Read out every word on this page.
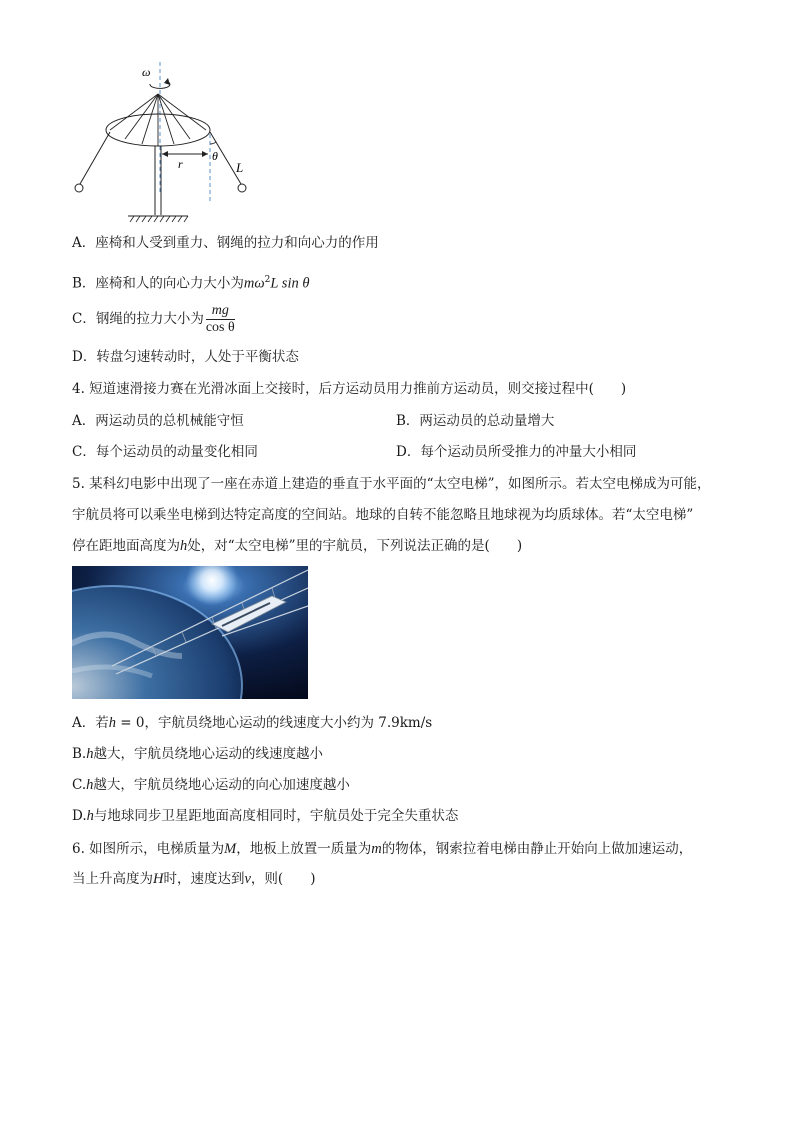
ω
r
θ
L
A．座椅和人受到重力、钢绳的拉力和向心力的作用
B．座椅和人的向心力大小为$m\omega^2L$ sin θ
C．钢绳的拉力大小为 $\frac{mg}{\text{cos θ}}$
D．转盘匀速转动时，人处于平衡状态
4. 短道速滑接力赛在光滑冰面上交接时，后方运动员用力推前方运动员，则交接过程中(　　)
A．两运动员的总机械能守恒	B．两运动员的总动量增大
C．每个运动员的动量变化相同	D．每个运动员所受推力的冲量大小相同
5. 某科幻电影中出现了一座在赤道上建造的垂直于水平面的“太空电梯”，如图所示。若太空电梯成为可能，
宇航员将可以乘坐电梯到达特定高度的空间站。地球的自转不能忽略且地球视为均质球体。若“太空电梯”
停在距地面高度为h处，对“太空电梯”里的宇航员，下列说法正确的是(　　)
A．若h = 0，宇航员绕地心运动的线速度大小约为 7.9km/s
B.h越大，宇航员绕地心运动的线速度越小
C.h越大，宇航员绕地心运动的向心加速度越小
D.h与地球同步卫星距地面高度相同时，宇航员处于完全失重状态
6. 如图所示，电梯质量为M，地板上放置一质量为m的物体，钢索拉着电梯由静止开始向上做加速运动，
当上升高度为H时，速度达到v，则(　　)
